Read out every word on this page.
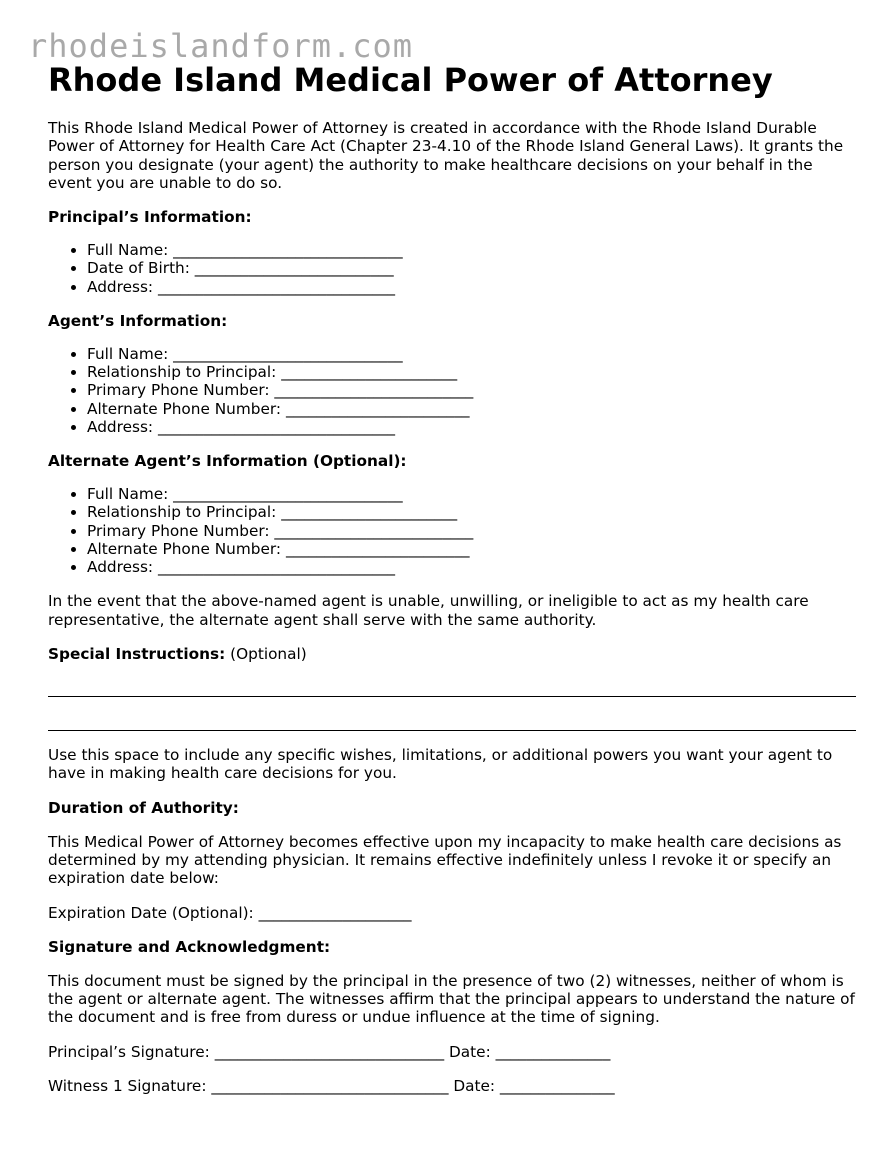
rhodeislandform.com
Rhode Island Medical Power of Attorney

This Rhode Island Medical Power of Attorney is created in accordance with the Rhode Island Durable Power of Attorney for Health Care Act (Chapter 23-4.10 of the Rhode Island General Laws). It grants the person you designate (your agent) the authority to make healthcare decisions on your behalf in the event you are unable to do so.

Principal’s Information:

• Full Name: ______________________________
• Date of Birth: __________________________
• Address: _______________________________

Agent’s Information:

• Full Name: ______________________________
• Relationship to Principal: _______________________
• Primary Phone Number: __________________________
• Alternate Phone Number: ________________________
• Address: _______________________________

Alternate Agent’s Information (Optional):

• Full Name: ______________________________
• Relationship to Principal: _______________________
• Primary Phone Number: __________________________
• Alternate Phone Number: ________________________
• Address: _______________________________

In the event that the above-named agent is unable, unwilling, or ineligible to act as my health care representative, the alternate agent shall serve with the same authority.

Special Instructions: (Optional)

Use this space to include any specific wishes, limitations, or additional powers you want your agent to have in making health care decisions for you.

Duration of Authority:

This Medical Power of Attorney becomes effective upon my incapacity to make health care decisions as determined by my attending physician. It remains effective indefinitely unless I revoke it or specify an expiration date below:

Expiration Date (Optional): ____________________

Signature and Acknowledgment:

This document must be signed by the principal in the presence of two (2) witnesses, neither of whom is the agent or alternate agent. The witnesses affirm that the principal appears to understand the nature of the document and is free from duress or undue influence at the time of signing.

Principal’s Signature: ______________________________ Date: _______________

Witness 1 Signature: _______________________________ Date: _______________
